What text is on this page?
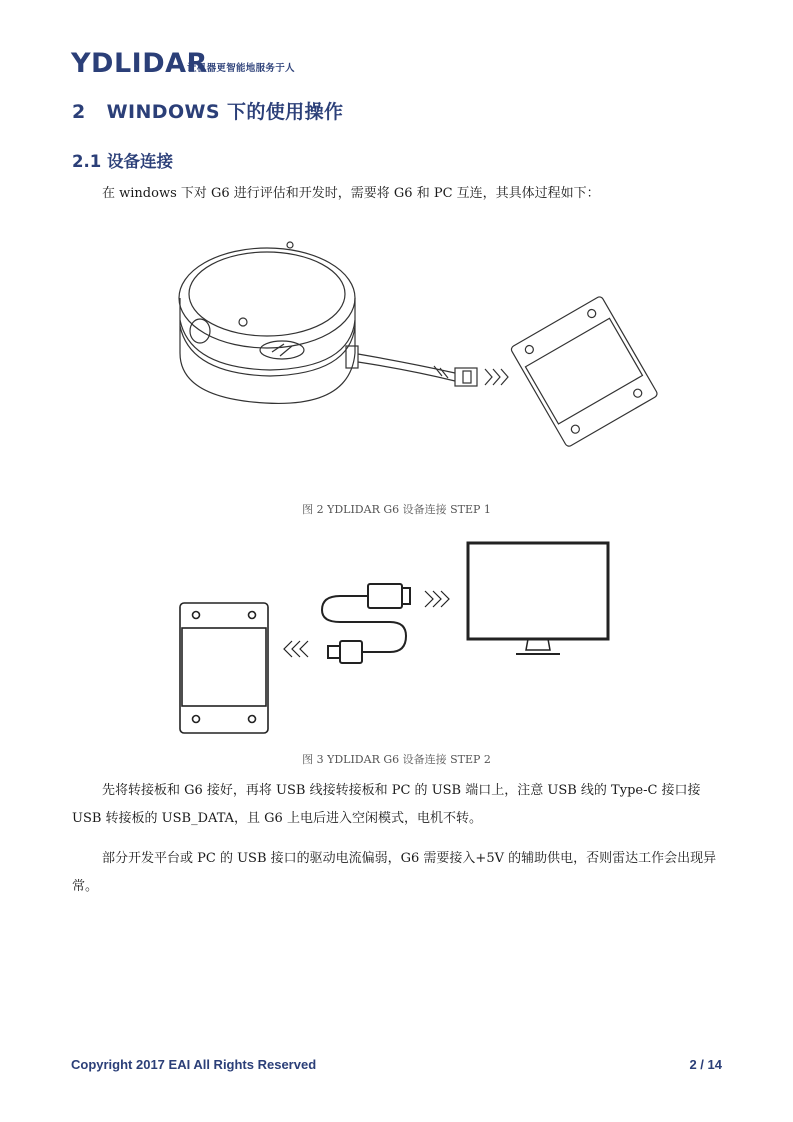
YDLIDAR
让机器更智能地服务于人
2   WINDOWS 下的使用操作
2.1 设备连接

在 windows 下对 G6 进行评估和开发时，需要将 G6 和 PC 互连，其具体过程如下：

图 2 YDLIDAR G6 设备连接 STEP 1
图 3 YDLIDAR G6 设备连接 STEP 2

先将转接板和 G6 接好，再将 USB 线接转接板和 PC 的 USB 端口上，注意 USB 线的 Type-C 接口接 USB 转接板的 USB_DATA，且 G6 上电后进入空闲模式，电机不转。

部分开发平台或 PC 的 USB 接口的驱动电流偏弱，G6 需要接入+5V 的辅助供电，否则雷达工作会出现异常。

Copyright 2017 EAI All Rights Reserved	2 / 14
